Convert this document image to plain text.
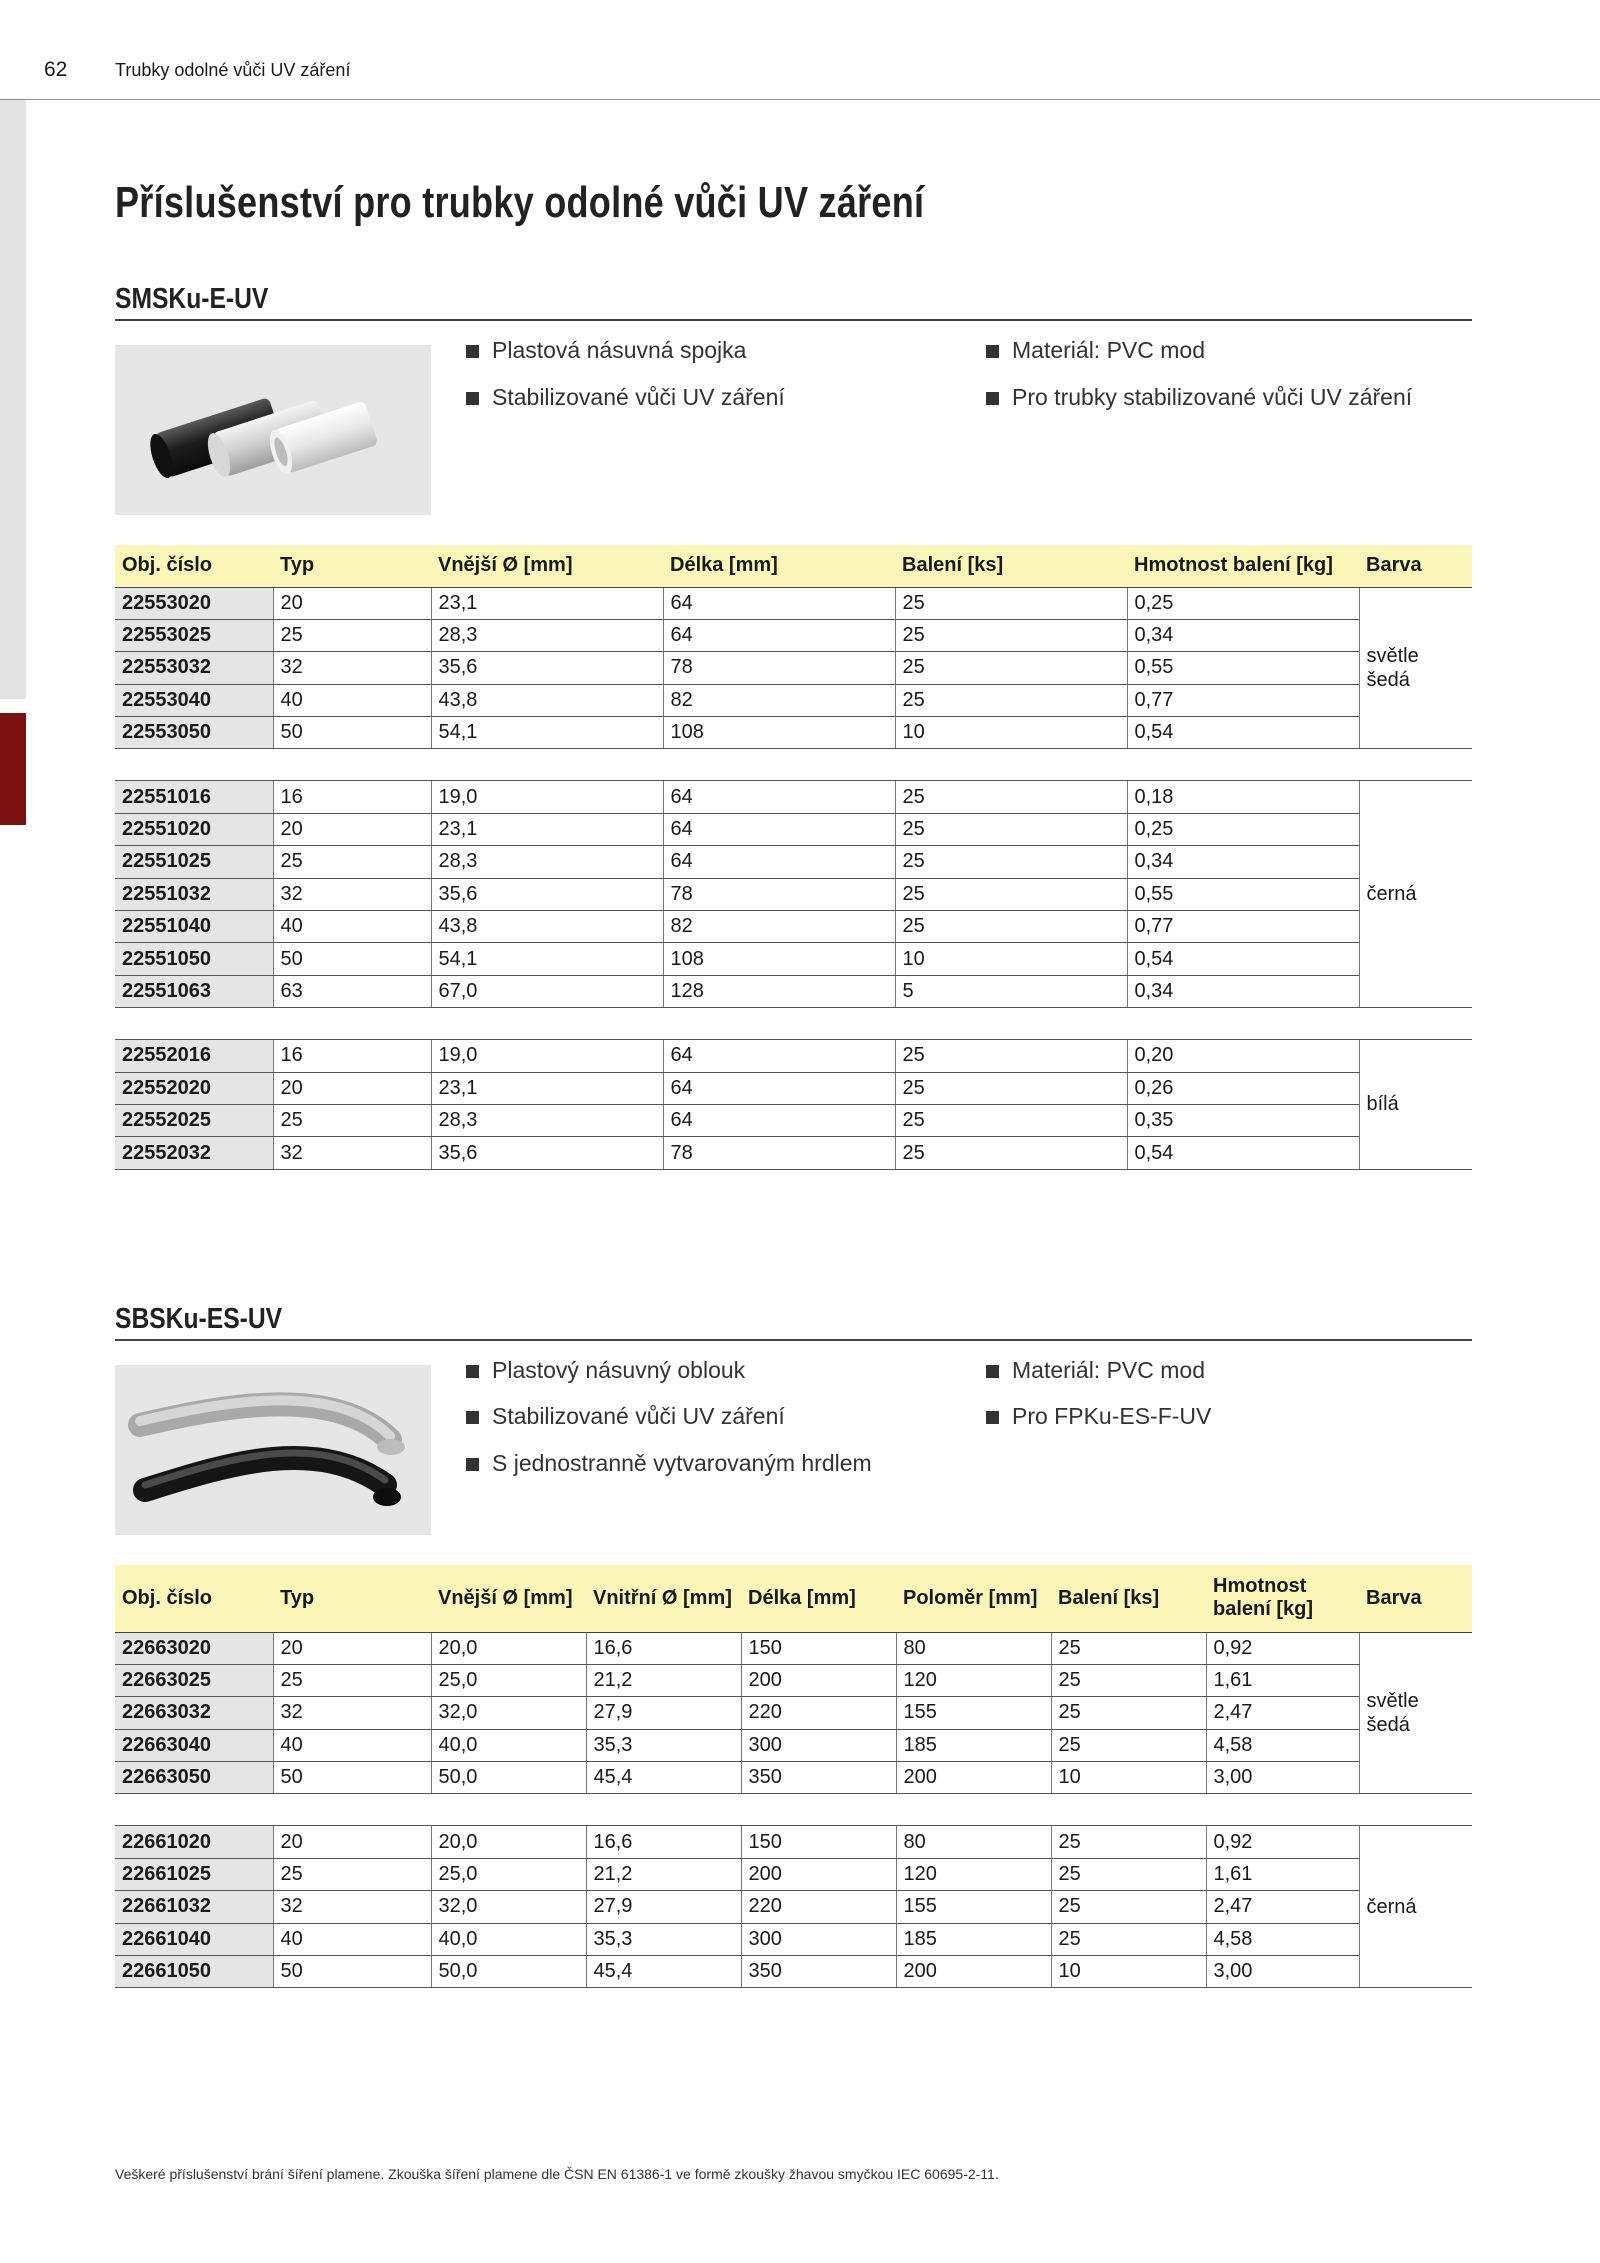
62	Trubky odolné vůči UV záření
Příslušenství pro trubky odolné vůči UV záření
SMSKu-E-UV
Plastová násuvná spojka
Stabilizované vůči UV záření
Materiál: PVC mod
Pro trubky stabilizované vůči UV záření
Obj. číslo	Typ	Vnější Ø [mm]	Délka [mm]	Balení [ks]	Hmotnost balení [kg]	Barva
22553020	20	23,1	64	25	0,25	světle šedá
22553025	25	28,3	64	25	0,34	
22553032	32	35,6	78	25	0,55	
22553040	40	43,8	82	25	0,77	
22553050	50	54,1	108	10	0,54	

22551016	16	19,0	64	25	0,18	černá
22551020	20	23,1	64	25	0,25	
22551025	25	28,3	64	25	0,34	
22551032	32	35,6	78	25	0,55	
22551040	40	43,8	82	25	0,77	
22551050	50	54,1	108	10	0,54	
22551063	63	67,0	128	5	0,34	

22552016	16	19,0	64	25	0,20	bílá
22552020	20	23,1	64	25	0,26	
22552025	25	28,3	64	25	0,35	
22552032	32	35,6	78	25	0,54	
SBSKu-ES-UV
Plastový násuvný oblouk
Stabilizované vůči UV záření
S jednostranně vytvarovaným hrdlem
Materiál: PVC mod
Pro FPKu-ES-F-UV
Obj. číslo	Typ	Vnější Ø [mm]	Vnitřní Ø [mm]	Délka [mm]	Poloměr [mm]	Balení [ks]	Hmotnost balení [kg]	Barva
22663020	20	20,0	16,6	150	80	25	0,92	světle šedá
22663025	25	25,0	21,2	200	120	25	1,61	
22663032	32	32,0	27,9	220	155	25	2,47	
22663040	40	40,0	35,3	300	185	25	4,58	
22663050	50	50,0	45,4	350	200	10	3,00	

22661020	20	20,0	16,6	150	80	25	0,92	černá
22661025	25	25,0	21,2	200	120	25	1,61	
22661032	32	32,0	27,9	220	155	25	2,47	
22661040	40	40,0	35,3	300	185	25	4,58	
22661050	50	50,0	45,4	350	200	10	3,00	
Veškeré příslušenství brání šíření plamene. Zkouška šíření plamene dle ČSN EN 61386-1 ve formě zkoušky žhavou smyčkou IEC 60695-2-11.
